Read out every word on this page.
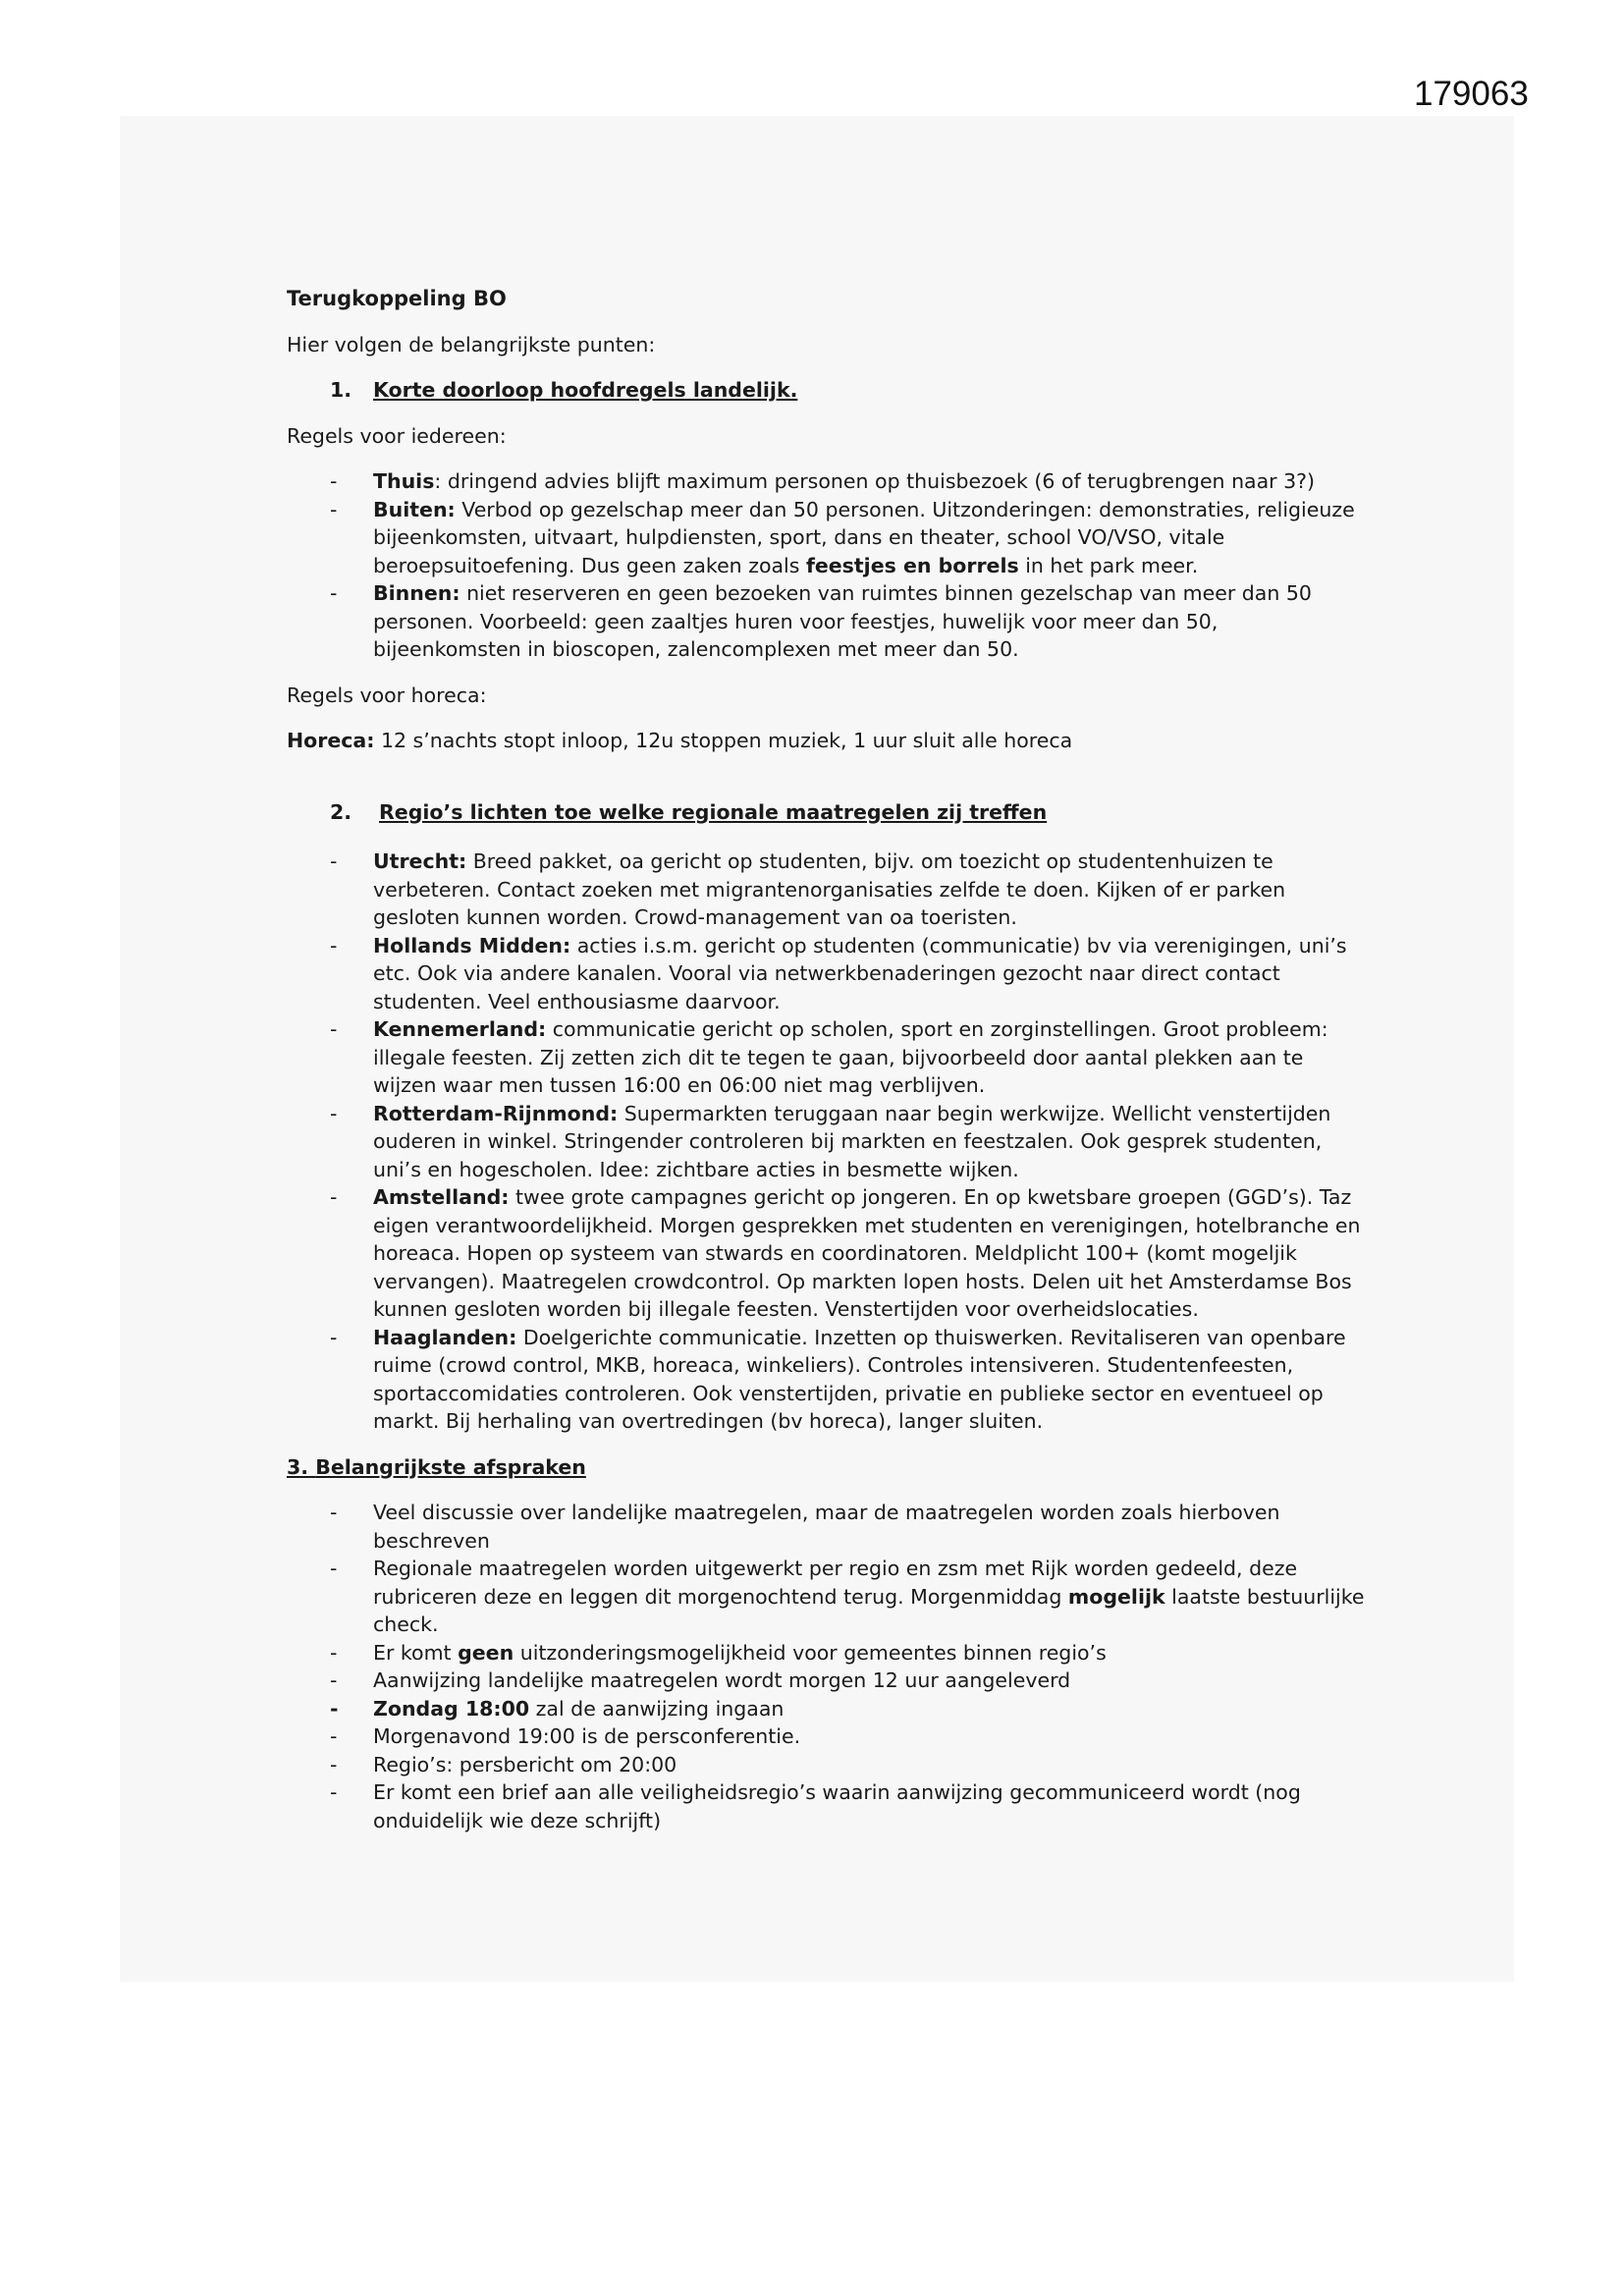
179063

Terugkoppeling BO

Hier volgen de belangrijkste punten:

1. Korte doorloop hoofdregels landelijk.

Regels voor iedereen:

- Thuis: dringend advies blijft maximum personen op thuisbezoek (6 of terugbrengen naar 3?)
- Buiten: Verbod op gezelschap meer dan 50 personen. Uitzonderingen: demonstraties, religieuze bijeenkomsten, uitvaart, hulpdiensten, sport, dans en theater, school VO/VSO, vitale beroepsuitoefening. Dus geen zaken zoals feestjes en borrels in het park meer.
- Binnen: niet reserveren en geen bezoeken van ruimtes binnen gezelschap van meer dan 50 personen. Voorbeeld: geen zaaltjes huren voor feestjes, huwelijk voor meer dan 50, bijeenkomsten in bioscopen, zalencomplexen met meer dan 50.

Regels voor horeca:

Horeca: 12 s’nachts stopt inloop, 12u stoppen muziek, 1 uur sluit alle horeca

2. Regio’s lichten toe welke regionale maatregelen zij treffen

- Utrecht: Breed pakket, oa gericht op studenten, bijv. om toezicht op studentenhuizen te verbeteren. Contact zoeken met migrantenorganisaties zelfde te doen. Kijken of er parken gesloten kunnen worden. Crowd-management van oa toeristen.
- Hollands Midden: acties i.s.m. gericht op studenten (communicatie) bv via verenigingen, uni’s etc. Ook via andere kanalen. Vooral via netwerkbenaderingen gezocht naar direct contact studenten. Veel enthousiasme daarvoor.
- Kennemerland: communicatie gericht op scholen, sport en zorginstellingen. Groot probleem: illegale feesten. Zij zetten zich dit te tegen te gaan, bijvoorbeeld door aantal plekken aan te wijzen waar men tussen 16:00 en 06:00 niet mag verblijven.
- Rotterdam-Rijnmond: Supermarkten teruggaan naar begin werkwijze. Wellicht venstertijden ouderen in winkel. Stringender controleren bij markten en feestzalen. Ook gesprek studenten, uni’s en hogescholen. Idee: zichtbare acties in besmette wijken.
- Amstelland: twee grote campagnes gericht op jongeren. En op kwetsbare groepen (GGD’s). Taz eigen verantwoordelijkheid. Morgen gesprekken met studenten en verenigingen, hotelbranche en horeaca. Hopen op systeem van stwards en coordinatoren. Meldplicht 100+ (komt mogeljik vervangen). Maatregelen crowdcontrol. Op markten lopen hosts. Delen uit het Amsterdamse Bos kunnen gesloten worden bij illegale feesten. Venstertijden voor overheidslocaties.
- Haaglanden: Doelgerichte communicatie. Inzetten op thuiswerken. Revitaliseren van openbare ruime (crowd control, MKB, horeaca, winkeliers). Controles intensiveren. Studentenfeesten, sportaccomidaties controleren. Ook venstertijden, privatie en publieke sector en eventueel op markt. Bij herhaling van overtredingen (bv horeca), langer sluiten.

3. Belangrijkste afspraken

- Veel discussie over landelijke maatregelen, maar de maatregelen worden zoals hierboven beschreven
- Regionale maatregelen worden uitgewerkt per regio en zsm met Rijk worden gedeeld, deze rubriceren deze en leggen dit morgenochtend terug. Morgenmiddag mogelijk laatste bestuurlijke check.
- Er komt geen uitzonderingsmogelijkheid voor gemeentes binnen regio’s
- Aanwijzing landelijke maatregelen wordt morgen 12 uur aangeleverd
- Zondag 18:00 zal de aanwijzing ingaan
- Morgenavond 19:00 is de persconferentie.
- Regio’s: persbericht om 20:00
- Er komt een brief aan alle veiligheidsregio’s waarin aanwijzing gecommuniceerd wordt (nog onduidelijk wie deze schrijft)
